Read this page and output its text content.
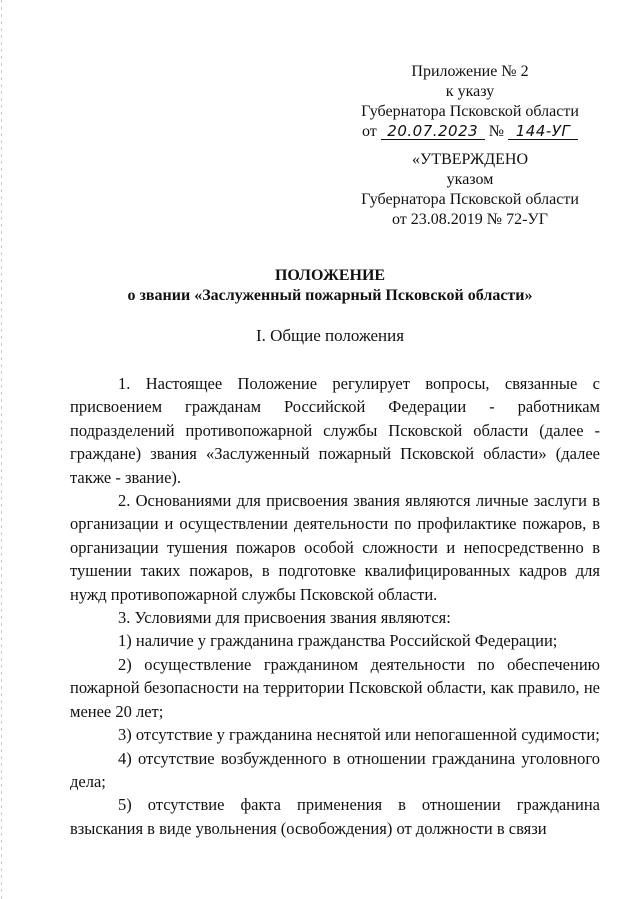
Приложение № 2
к указу
Губернатора Псковской области
от 20.07.2023 № 144-УГ
«УТВЕРЖДЕНО
указом
Губернатора Псковской области
от 23.08.2019 № 72-УГ
ПОЛОЖЕНИЕ
о звании «Заслуженный пожарный Псковской области»
I. Общие положения

1. Настоящее Положение регулирует вопросы, связанные с присвоением гражданам Российской Федерации - работникам подразделений противопожарной службы Псковской области (далее - граждане) звания «Заслуженный пожарный Псковской области» (далее также - звание).

2. Основаниями для присвоения звания являются личные заслуги в организации и осуществлении деятельности по профилактике пожаров, в организации тушения пожаров особой сложности и непосредственно в тушении таких пожаров, в подготовке квалифицированных кадров для нужд противопожарной службы Псковской области.

3. Условиями для присвоения звания являются:

1) наличие у гражданина гражданства Российской Федерации;

2) осуществление гражданином деятельности по обеспечению пожарной безопасности на территории Псковской области, как правило, не менее 20 лет;

3) отсутствие у гражданина неснятой или непогашенной судимости;

4) отсутствие возбужденного в отношении гражданина уголовного дела;

5) отсутствие факта применения в отношении гражданина взыскания в виде увольнения (освобождения) от должности в связи
